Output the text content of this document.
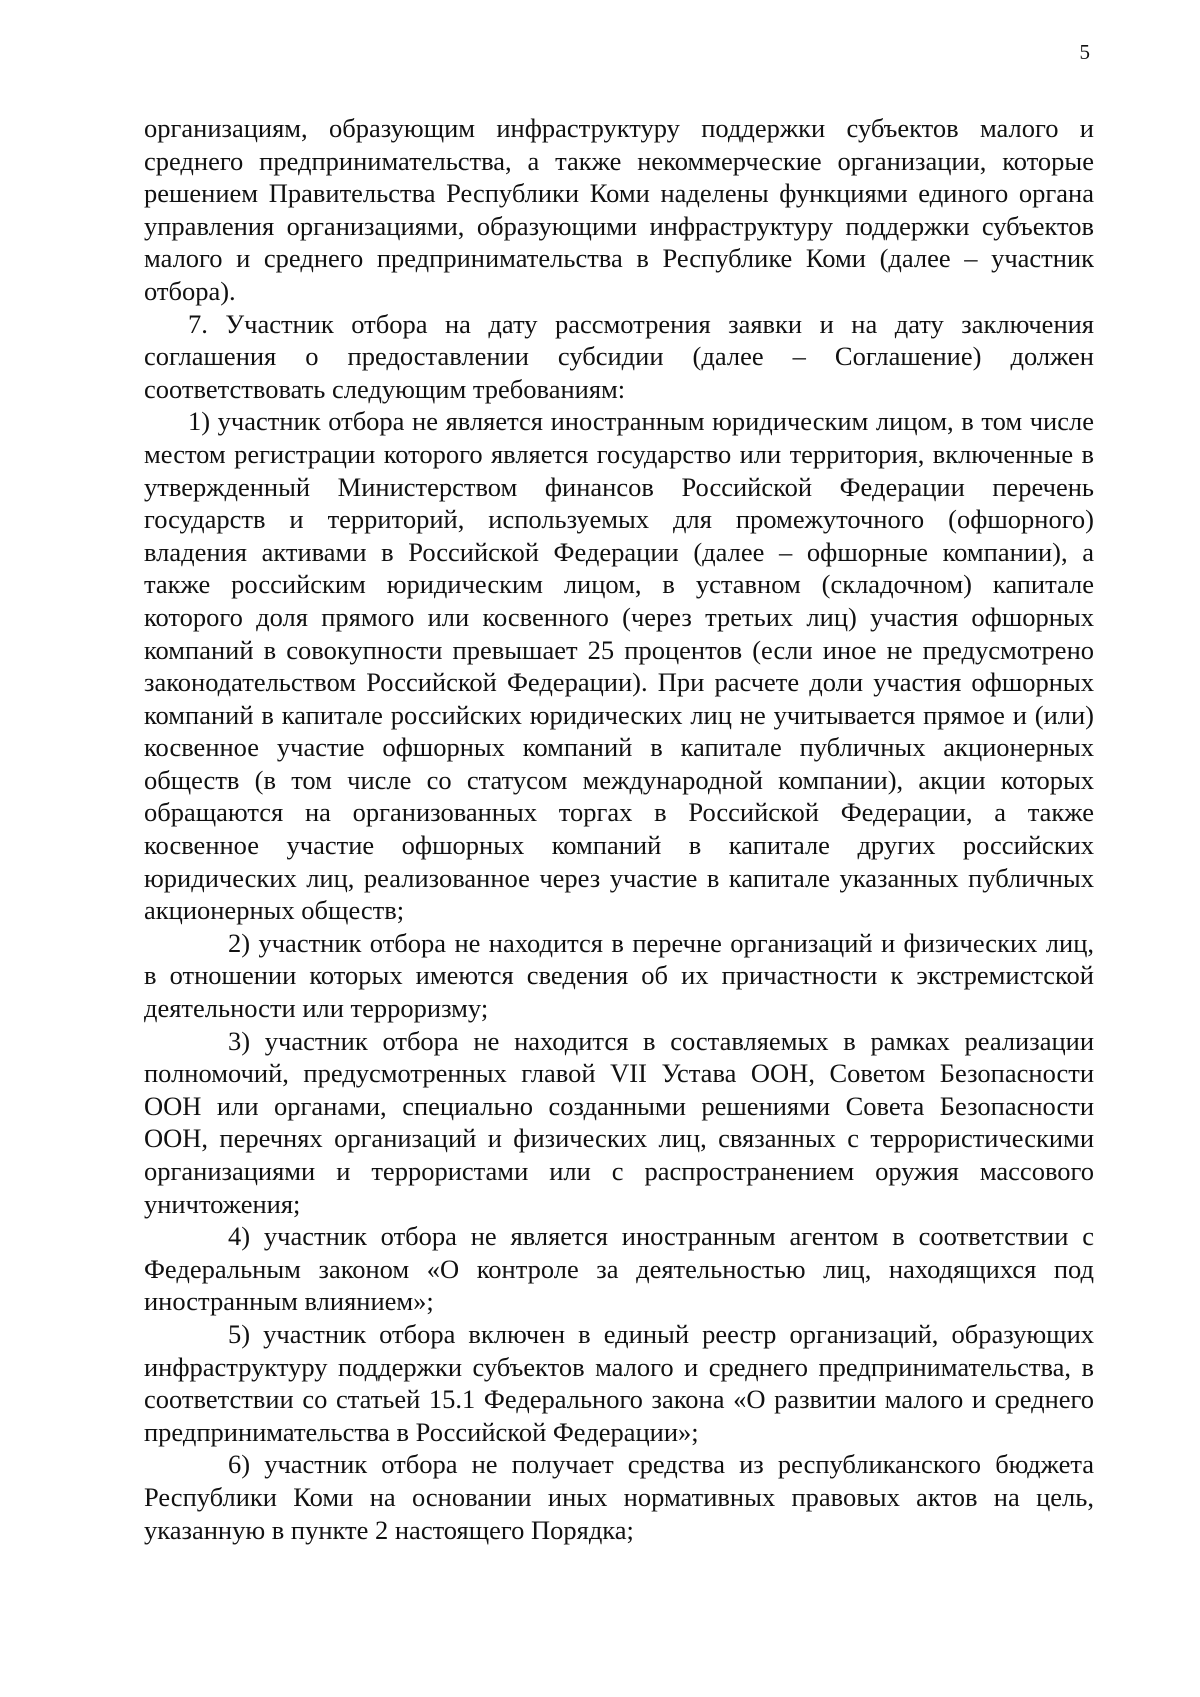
5

организациям, образующим инфраструктуру поддержки субъектов малого и среднего предпринимательства, а также некоммерческие организации, которые решением Правительства Республики Коми наделены функциями единого органа управления организациями, образующими инфраструктуру поддержки субъектов малого и среднего предпринимательства в Республике Коми (далее – участник отбора).

7. Участник отбора на дату рассмотрения заявки и на дату заключения соглашения о предоставлении субсидии (далее – Соглашение) должен соответствовать следующим требованиям:

1) участник отбора не является иностранным юридическим лицом, в том числе местом регистрации которого является государство или территория, включенные в утвержденный Министерством финансов Российской Федерации перечень государств и территорий, используемых для промежуточного (офшорного) владения активами в Российской Федерации (далее – офшорные компании), а также российским юридическим лицом, в уставном (складочном) капитале которого доля прямого или косвенного (через третьих лиц) участия офшорных компаний в совокупности превышает 25 процентов (если иное не предусмотрено законодательством Российской Федерации). При расчете доли участия офшорных компаний в капитале российских юридических лиц не учитывается прямое и (или) косвенное участие офшорных компаний в капитале публичных акционерных обществ (в том числе со статусом международной компании), акции которых обращаются на организованных торгах в Российской Федерации, а также косвенное участие офшорных компаний в капитале других российских юридических лиц, реализованное через участие в капитале указанных публичных акционерных обществ;

2) участник отбора не находится в перечне организаций и физических лиц, в отношении которых имеются сведения об их причастности к экстремистской деятельности или терроризму;

3) участник отбора не находится в составляемых в рамках реализации полномочий, предусмотренных главой VII Устава ООН, Советом Безопасности ООН или органами, специально созданными решениями Совета Безопасности ООН, перечнях организаций и физических лиц, связанных с террористическими организациями и террористами или с распространением оружия массового уничтожения;

4) участник отбора не является иностранным агентом в соответствии с Федеральным законом «О контроле за деятельностью лиц, находящихся под иностранным влиянием»;

5) участник отбора включен в единый реестр организаций, образующих инфраструктуру поддержки субъектов малого и среднего предпринимательства, в соответствии со статьей 15.1 Федерального закона «О развитии малого и среднего предпринимательства в Российской Федерации»;

6) участник отбора не получает средства из республиканского бюджета Республики Коми на основании иных нормативных правовых актов на цель, указанную в пункте 2 настоящего Порядка;
